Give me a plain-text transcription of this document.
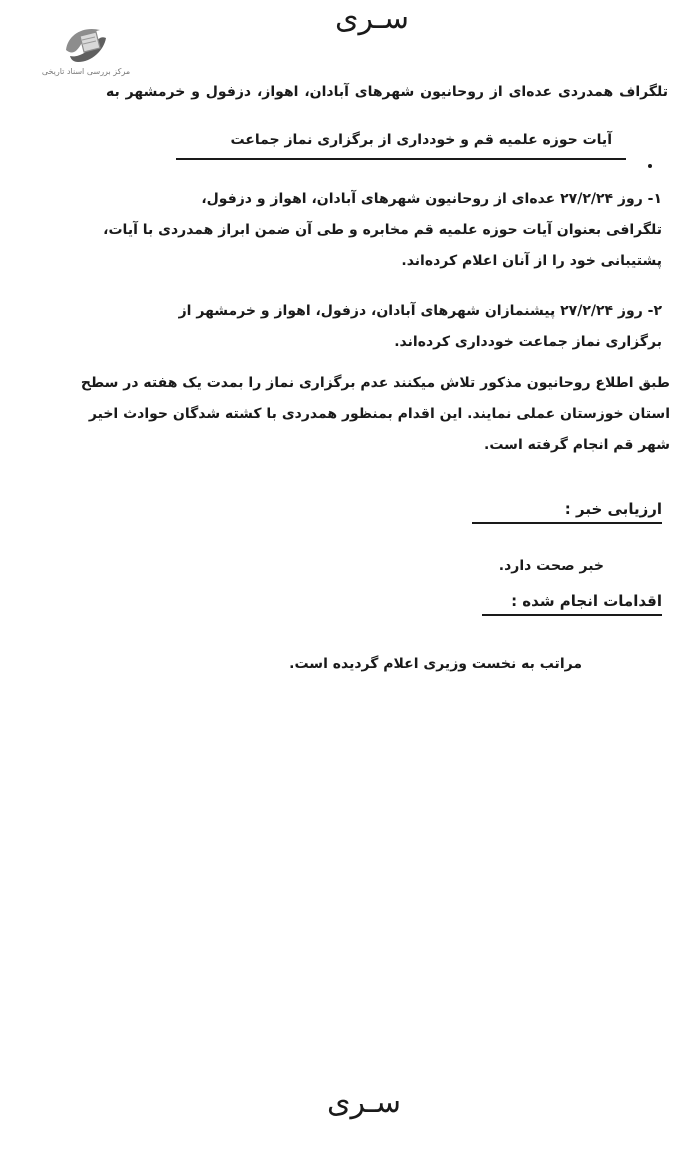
سـری
مرکز بررسی اسناد تاریخی
تلگراف همدردی عده‌ای از روحانیون شهرهای آبادان، اهواز، دزفول و خرمشهر به
آیات حوزه علمیه قم و خودداری از برگزاری نماز جماعت
۱- روز ۲۷/۲/۲۴ عده‌ای از روحانیون شهرهای آبادان، اهواز و دزفول،
تلگرافی بعنوان آیات حوزه علمیه قم مخابره و طی آن ضمن ابراز همدردی با آیات،
پشتیبانی خود را از آنان اعلام کرده‌اند.
۲- روز ۲۷/۲/۲۴ پیشنمازان شهرهای آبادان، دزفول، اهواز و خرمشهر از
برگزاری نماز جماعت خودداری کرده‌اند.
طبق اطلاع روحانیون مذکور تلاش میکنند عدم برگزاری نماز را بمدت یک هفته در سطح
استان خوزستان عملی نمایند. این اقدام بمنظور همدردی با کشته شدگان حوادث اخیر
شهر قم انجام گرفته است.
ارزیابی خبر :
خبر صحت دارد.
اقدامات انجام شده :
مراتب به نخست وزیری اعلام گردیده است.
سـری
